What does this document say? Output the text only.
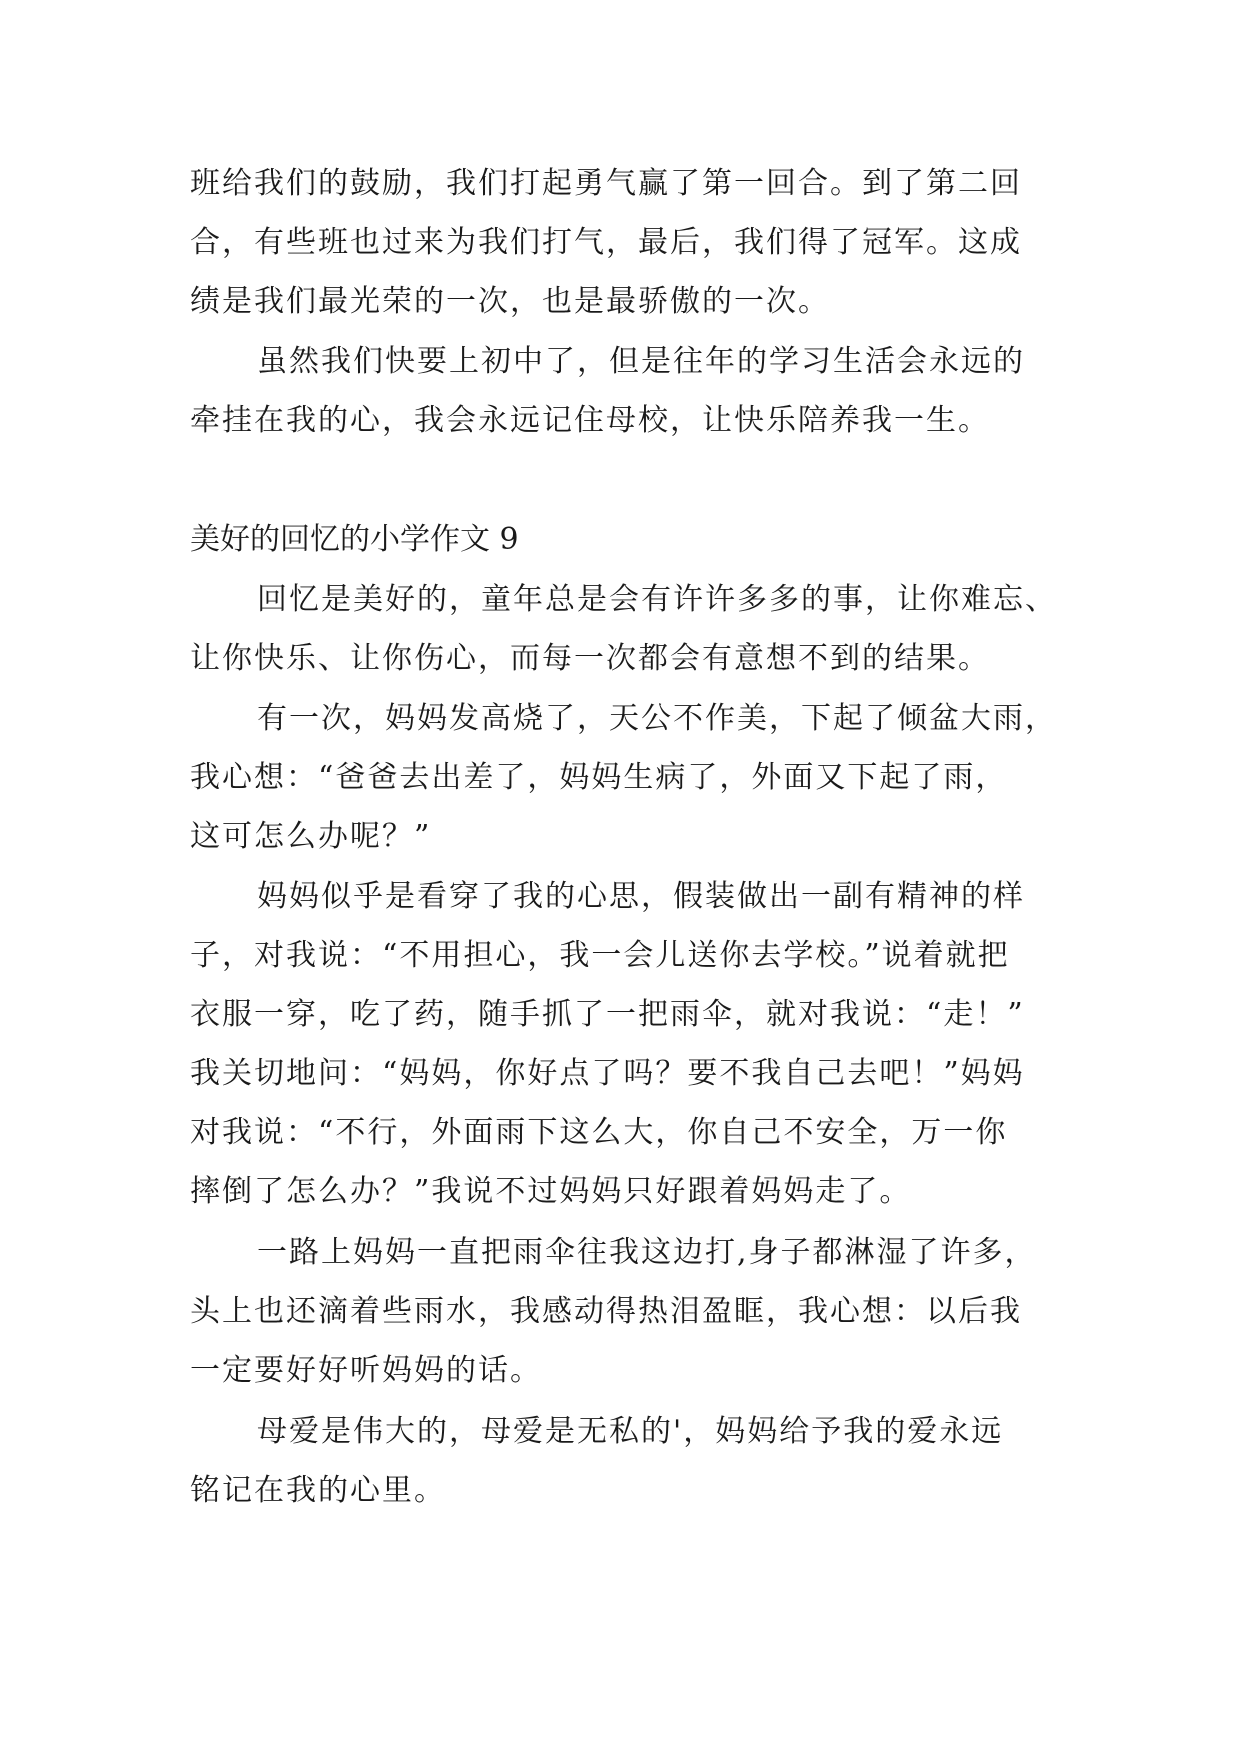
班给我们的鼓励，我们打起勇气赢了第一回合。到了第二回
合，有些班也过来为我们打气，最后，我们得了冠军。这成
绩是我们最光荣的一次，也是最骄傲的一次。
虽然我们快要上初中了，但是往年的学习生活会永远的
牵挂在我的心，我会永远记住母校，让快乐陪养我一生。
美好的回忆的小学作文 9
回忆是美好的，童年总是会有许许多多的事，让你难忘、
让你快乐、让你伤心，而每一次都会有意想不到的结果。
有一次，妈妈发高烧了，天公不作美，下起了倾盆大雨，
我心想：“爸爸去出差了，妈妈生病了，外面又下起了雨，
这可怎么办呢？”
妈妈似乎是看穿了我的心思，假装做出一副有精神的样
子，对我说：“不用担心，我一会儿送你去学校。”说着就把
衣服一穿，吃了药，随手抓了一把雨伞，就对我说：“走！”
我关切地问：“妈妈，你好点了吗？要不我自己去吧！”妈妈
对我说：“不行，外面雨下这么大，你自己不安全，万一你
摔倒了怎么办？”我说不过妈妈只好跟着妈妈走了。
一路上妈妈一直把雨伞往我这边打,身子都淋湿了许多，
头上也还滴着些雨水，我感动得热泪盈眶，我心想：以后我
一定要好好听妈妈的话。
母爱是伟大的，母爱是无私的'，妈妈给予我的爱永远
铭记在我的心里。
